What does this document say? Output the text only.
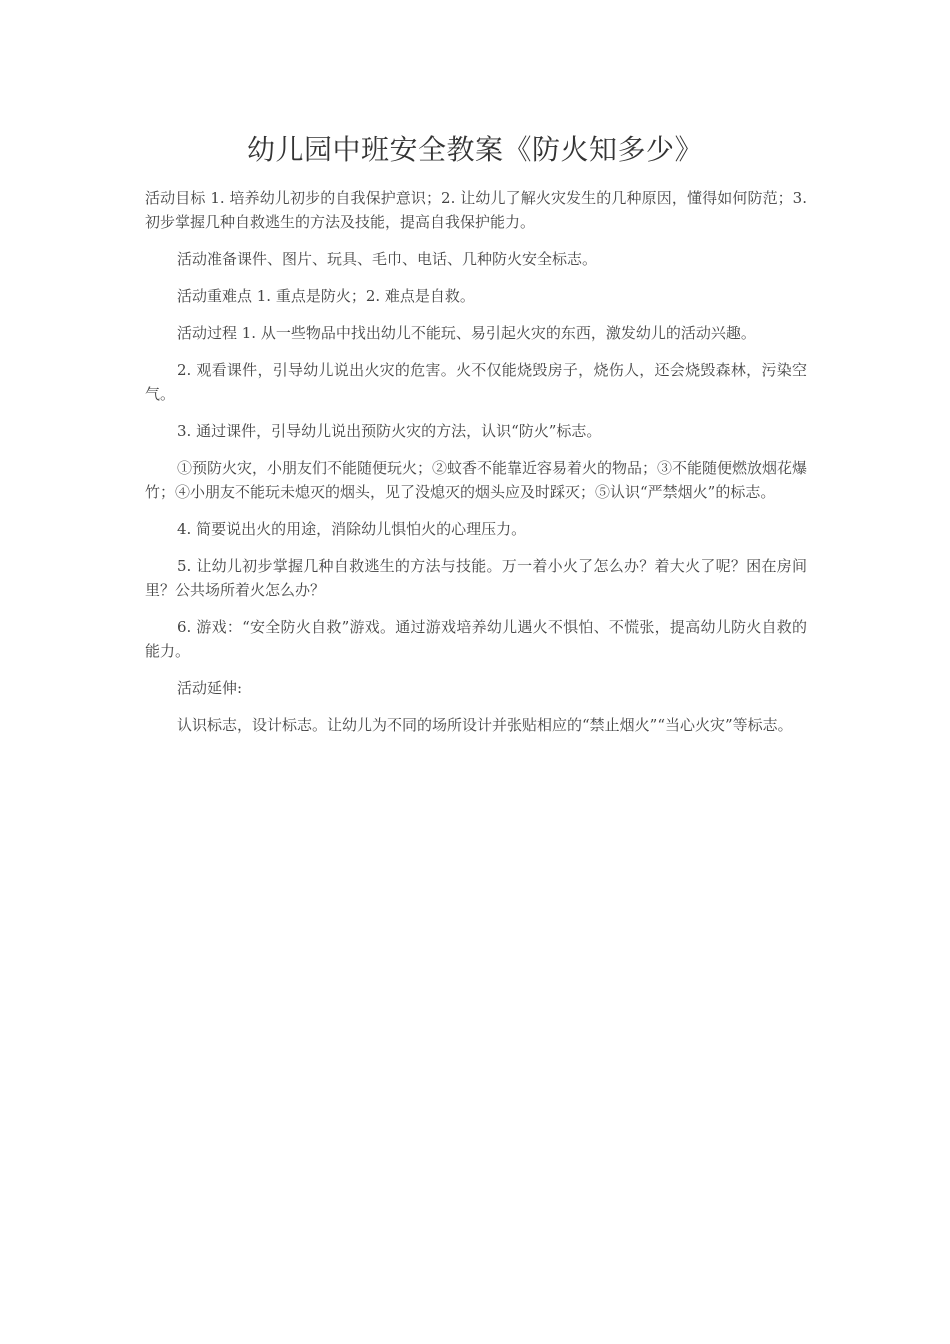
幼儿园中班安全教案《防火知多少》

活动目标 1. 培养幼儿初步的自我保护意识；2. 让幼儿了解火灾发生的几种原因，懂得如何防范；3. 初步掌握几种自救逃生的方法及技能，提高自我保护能力。

活动准备课件、图片、玩具、毛巾、电话、几种防火安全标志。

活动重难点 1. 重点是防火；2. 难点是自救。

活动过程 1. 从一些物品中找出幼儿不能玩、易引起火灾的东西，激发幼儿的活动兴趣。

2. 观看课件，引导幼儿说出火灾的危害。火不仅能烧毁房子，烧伤人，还会烧毁森林，污染空气。

3. 通过课件，引导幼儿说出预防火灾的方法，认识“防火”标志。

①预防火灾，小朋友们不能随便玩火；②蚊香不能靠近容易着火的物品；③不能随便燃放烟花爆竹；④小朋友不能玩未熄灭的烟头，见了没熄灭的烟头应及时踩灭；⑤认识“严禁烟火”的标志。

4. 简要说出火的用途，消除幼儿惧怕火的心理压力。

5. 让幼儿初步掌握几种自救逃生的方法与技能。万一着小火了怎么办？着大火了呢？困在房间里？公共场所着火怎么办？

6. 游戏：“安全防火自救”游戏。通过游戏培养幼儿遇火不惧怕、不慌张，提高幼儿防火自救的能力。

活动延伸:

认识标志，设计标志。让幼儿为不同的场所设计并张贴相应的“禁止烟火”“当心火灾”等标志。
